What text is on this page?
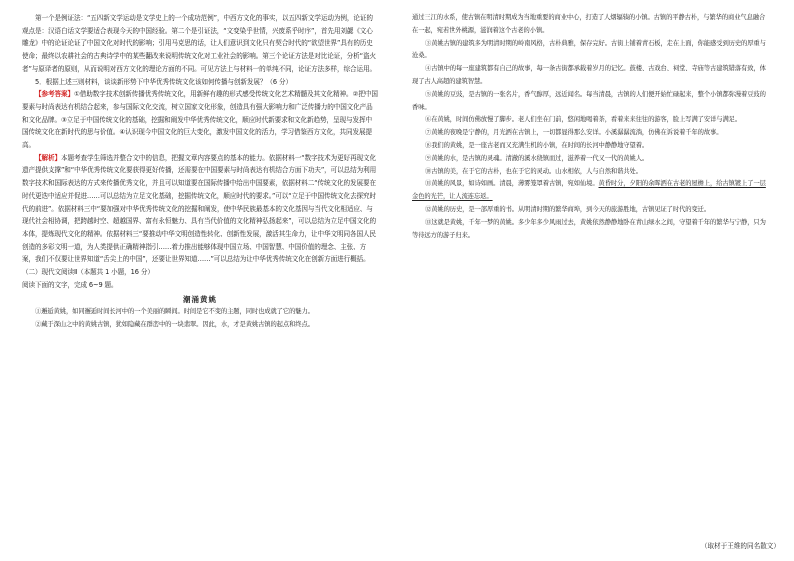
第一个是例证法：“五四新文学运动是文学史上的一个成功范例”，中西方文化的事实，以五四新文学运动为例，论证的观点是：汉语白话文学要适合表现今天的中国经验。第二个是引证法，“文变染乎世情，兴废系乎时序”，首先用刘勰《文心雕龙》中的论证论证了中国文化对时代的影响；引用马克思的话，让人们意识到文化只有契合时代的“欲望世界”具有的历史使命；最终以农耕社会的古典诗学中的某些翻改来说明传统文化对工业社会的影响。第三个论证方法是对比论证，分析“盗火者”与原译者的原则，从而说明对西方文化的理论方面的不同。可见方法上与材料一的单纯不同，论证方法多样，综合运用。

5．根据上述三则材料，谈谈新形势下中华优秀传统文化该如何传播与创新发展？（6 分）

【参考答案】①借助数字技术创新传播优秀传统文化，用新鲜有趣的形式感受传统文化艺术精髓及其文化精神。②把中国要素与时尚表达有机结合起来，参与国际文化交流，树立国家文化形象，创造具有强大影响力和广泛传播力的中国文化产品和文化品牌。③立足于中国传统文化的基础，挖掘和阐发中华优秀传统文化，顺应时代新要求和文化新趋势，呈现与发挥中国传统文化在新时代的思与价值。④认识现今中国文化的巨大变化，激发中国文化的活力，学习借鉴西方文化，共同发展提高。

【解析】本题考查学生筛选并整合文中的信息，把握文章内容要点的基本的能力。依据材料一“数字技术为更好再现文化遗产提供支撑”和“中华优秀传统文化要获得更好传播，还需要在中国要素与时尚表达有机结合方面下功夫”，可以总结为利用数字技术和国际表达的方式来传播优秀文化，并且可以知道要在国际传播中给出中国要素，依据材料二“传统文化的发展要在时代更迭中适应并促进……可以总结为立足文化基础，挖掘传统文化，顺应时代的要求。”可以“立足于中国传统文化去探究时代的前进”。依据材料三中“要加强对中华优秀传统文化的挖掘和阐发，使中华民族最基本的文化基因与当代文化相适应、与现代社会相协调，把跨越时空、超越国界、富有永恒魅力、具有当代价值的文化精神弘扬起来”，可以总结为立足中国文化的本体，提炼现代文化的精神。依据材料三“要推动中华文明创造性转化、创新性发展，激活其生命力，让中华文明同各国人民创造的多彩文明一道，为人类提供正确精神指引……着力推出能够体现中国立场、中国智慧、中国价值的理念、主张、方案，我们不仅要让世界知道“舌尖上的中国”，还要让世界知道……”可以总结为让中华优秀传统文化在创新方面进行概括。

（二）现代文阅读Ⅱ（本题共 1 小题，16 分）

阅读下面的文字，完成 6~9 题。

潮涌黄姚

①邂逅黄姚，如同邂逅时间长河中的一个美丽的瞬间。时间是它不变的主题，同时也成就了它的魅力。

②藏于深山之中的黄姚古镇，犹如隐藏在群峦中的一块翡翠。因此，水，才是黄姚古镇的起点和终点。

通过三江的水系，使古镇在明清时期成为当地重要的商业中心，打造了人烟辐辏的小镇。古镇的平静古朴，与繁华的商业气息融合在一起，宛若世外桃源，滋润着这个古老的小镇。

③黄姚古镇的建筑多为明清时期的岭南风格，古朴典雅，保存完好。古街上铺着青石板，走在上面，你能感受到历史的厚重与沧桑。

④古镇中的每一座建筑都有自己的故事，每一条古街都承载着岁月的记忆。鼓楼、古戏台、祠堂、寺庙等古建筑错落有致，体现了古人高超的建筑智慧。

⑤黄姚的豆豉，是古镇的一张名片，香气醇厚，远近闻名。每当清晨，古镇的人们便开始忙碌起来，整个小镇都弥漫着豆豉的香味。

⑥在黄姚，时间仿佛放慢了脚步。老人们坐在门前，悠闲地喝着茶，看着来来往往的游客，脸上写满了安详与满足。

⑦黄姚的夜晚是宁静的，月光洒在古镇上，一切都显得那么安详。小溪潺潺流淌，仿佛在诉说着千年的故事。

⑧我们的黄姚，是一座古老而又充满生机的小镇，在时间的长河中静静地守望着。

⑨黄姚的水，是古镇的灵魂。清澈的溪水绕镇而过，滋养着一代又一代的黄姚人。

⑩古镇的美，在于它的古朴，也在于它的灵动。山水相依，人与自然和谐共处。

⑪黄姚的风景，如诗如画。清晨，薄雾笼罩着古镇，宛如仙境。黄昏时分，夕阳的余晖洒在古老的屋檐上，给古镇镀上了一层金色的光芒，让人流连忘返。

⑫黄姚的历史，是一部厚重的书。从明清时期的繁华商埠，到今天的旅游胜地，古镇见证了时代的变迁。

⑬这就是黄姚，千年一梦的黄姚。多少年多少风雨过去，黄姚依然静静地卧在青山绿水之间，守望着千年的繁华与宁静，只为等待远方的游子归来。

（取材于王维的同名散文）
